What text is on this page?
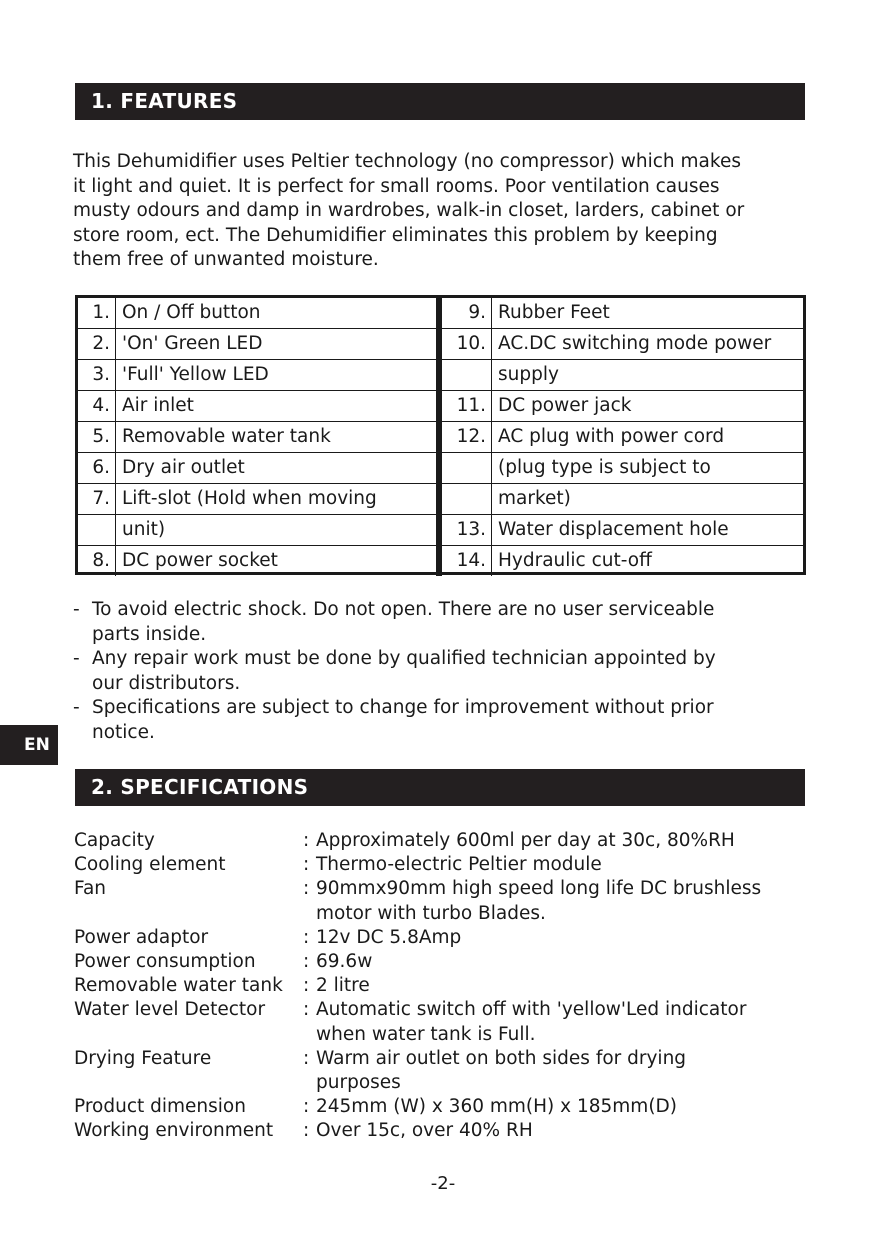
1. FEATURES
This Dehumidifier uses Peltier technology (no compressor) which makes
it light and quiet. It is perfect for small rooms. Poor ventilation causes
musty odours and damp in wardrobes, walk-in closet, larders, cabinet or
store room, ect. The Dehumidifier eliminates this problem by keeping
them free of unwanted moisture.
1.	On / Off button
2.	'On' Green LED
3.	'Full' Yellow LED
4.	Air inlet
5.	Removable water tank
6.	Dry air outlet
7.	Lift-slot (Hold when moving
	unit)
8.	DC power socket
9.	Rubber Feet
10.	AC.DC switching mode power
	supply
11.	DC power jack
12.	AC plug with power cord
	(plug type is subject to
	market)
13.	Water displacement hole
14.	Hydraulic cut-off
- To avoid electric shock. Do not open. There are no user serviceable
parts inside.
- Any repair work must be done by qualified technician appointed by
our distributors.
- Specifications are subject to change for improvement without prior
notice.
EN
2. SPECIFICATIONS
Capacity	:	Approximately 600ml per day at 30c, 80%RH

Cooling element	:	Thermo-electric Peltier module

Fan	:	90mmx90mm high speed long life DC brushless
motor with turbo Blades.

Power adaptor	:	12v DC 5.8Amp

Power consumption	:	69.6w

Removable water tank	:	2 litre

Water level Detector	:	Automatic switch off with 'yellow'Led indicator
when water tank is Full.

Drying Feature	:	Warm air outlet on both sides for drying
purposes

Product dimension	:	245mm (W) x 360 mm(H) x 185mm(D)

Working environment	:	Over 15c, over 40% RH
-2-
